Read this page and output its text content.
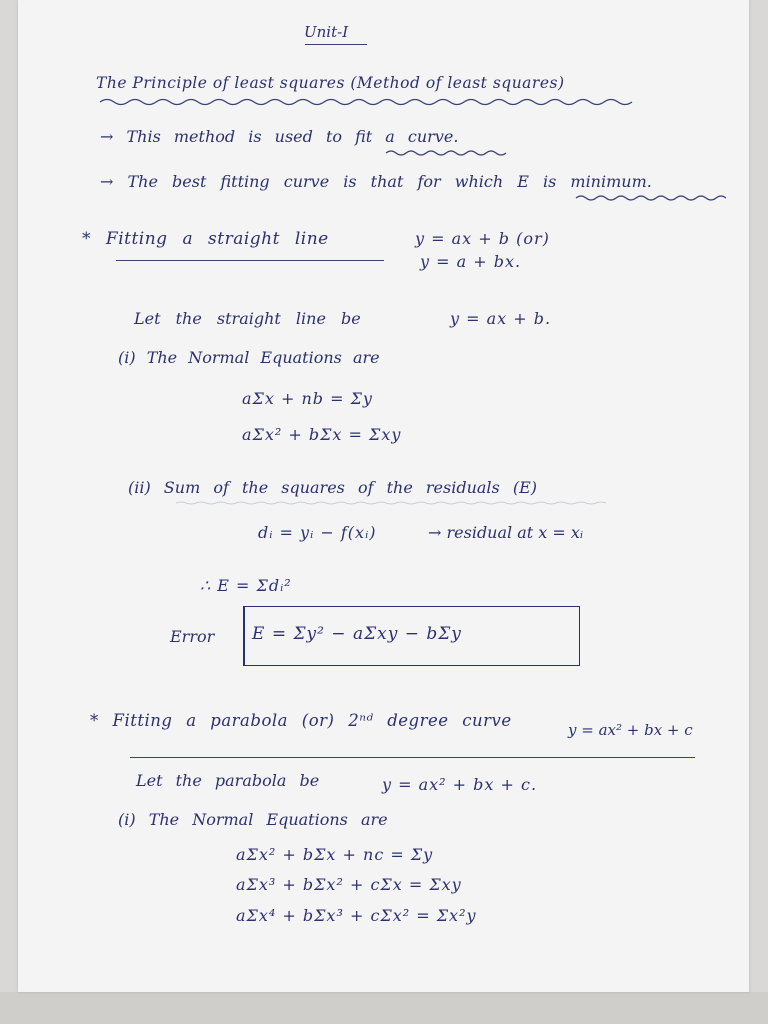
Unit-I
The Principle of least squares (Method of least squares)
→ This method is used to fit a curve.
→ The best fitting curve is that for which E is minimum.
* Fitting a straight line	y = ax + b (or)
y = a + bx.
Let the straight line be	y = ax + b.
(i) The Normal Equations are
aΣx + nb = Σy
aΣx² + bΣx = Σxy
(ii) Sum of the squares of the residuals (E)
dᵢ = yᵢ − f(xᵢ)	→ residual at x = xᵢ
∴ E = Σdᵢ²
Error E = Σy² − aΣxy − bΣy
* Fitting a parabola (or) 2ⁿᵈ degree curve	y = ax² + bx + c
Let the parabola be	y = ax² + bx + c.
(i) The Normal Equations are
aΣx² + bΣx + nc = Σy
aΣx³ + bΣx² + cΣx = Σxy
aΣx⁴ + bΣx³ + cΣx² = Σx²y
